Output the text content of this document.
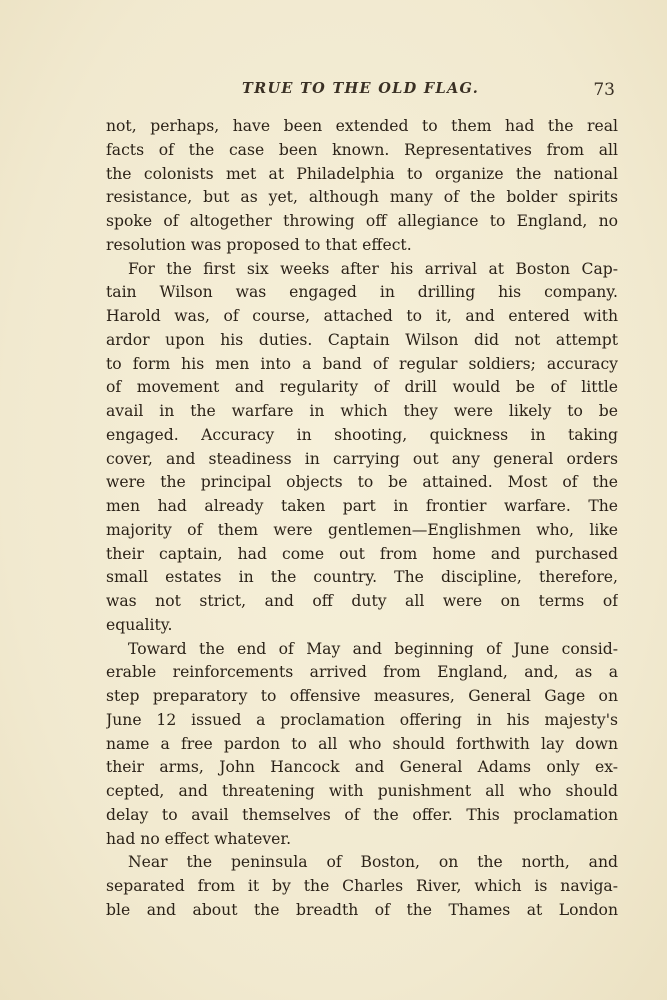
TRUE TO THE OLD FLAG.	73
not, perhaps, have been extended to them had the real
facts of the case been known. Representatives from all
the colonists met at Philadelphia to organize the national
resistance, but as yet, although many of the bolder spirits
spoke of altogether throwing off allegiance to England, no
resolution was proposed to that effect.
For the first six weeks after his arrival at Boston Cap-
tain Wilson was engaged in drilling his company.
Harold was, of course, attached to it, and entered with
ardor upon his duties. Captain Wilson did not attempt
to form his men into a band of regular soldiers; accuracy
of movement and regularity of drill would be of little
avail in the warfare in which they were likely to be
engaged. Accuracy in shooting, quickness in taking
cover, and steadiness in carrying out any general orders
were the principal objects to be attained. Most of the
men had already taken part in frontier warfare. The
majority of them were gentlemen—Englishmen who, like
their captain, had come out from home and purchased
small estates in the country. The discipline, therefore,
was not strict, and off duty all were on terms of
equality.
Toward the end of May and beginning of June consid-
erable reinforcements arrived from England, and, as a
step preparatory to offensive measures, General Gage on
June 12 issued a proclamation offering in his majesty's
name a free pardon to all who should forthwith lay down
their arms, John Hancock and General Adams only ex-
cepted, and threatening with punishment all who should
delay to avail themselves of the offer. This proclamation
had no effect whatever.
Near the peninsula of Boston, on the north, and
separated from it by the Charles River, which is naviga-
ble and about the breadth of the Thames at London
